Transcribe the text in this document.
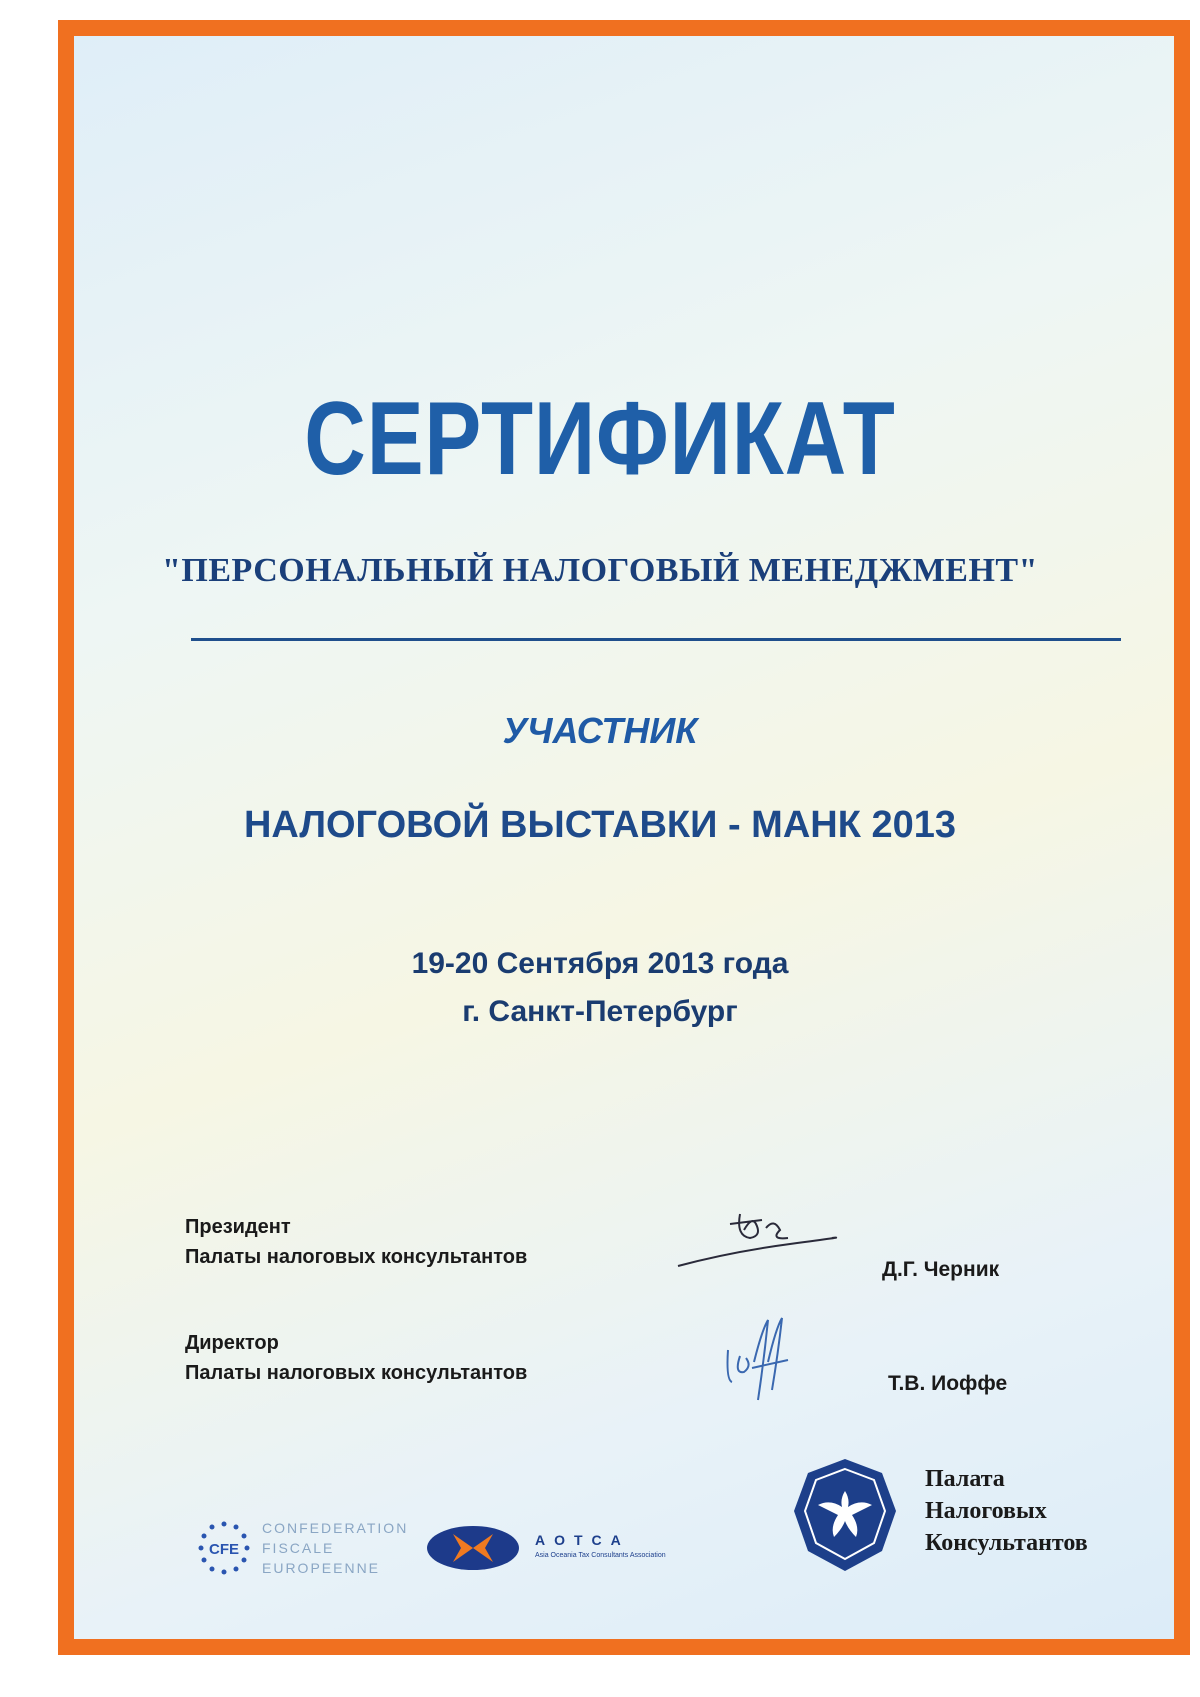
СЕРТИФИКАТ
"ПЕРСОНАЛЬНЫЙ НАЛОГОВЫЙ МЕНЕДЖМЕНТ"
УЧАСТНИК
НАЛОГОВОЙ ВЫСТАВКИ - МАНК 2013
19-20 Сентября 2013 года
г. Санкт-Петербург
Президент
Палаты налоговых консультантов
Д.Г. Черник
Директор
Палаты налоговых консультантов	Т.В. Иоффе
CFE
CONFEDERATION
FISCALE
EUROPEENNE
AOTCA
Asia Oceania Tax Consultants Association
Палата
Налоговых
Консультантов
